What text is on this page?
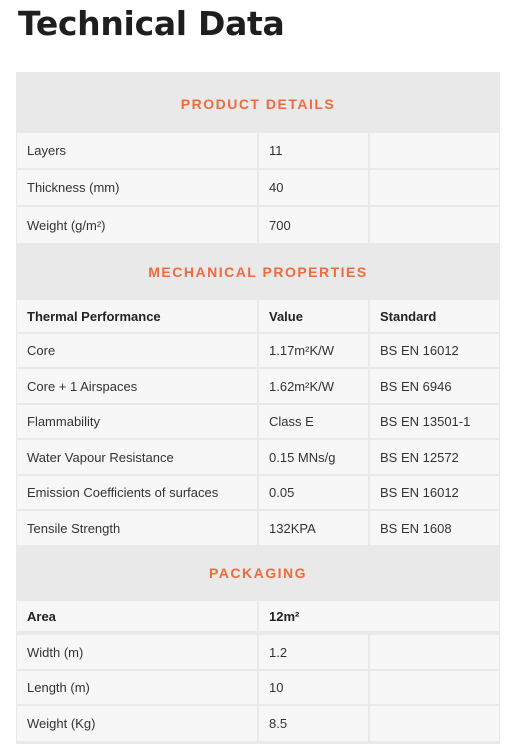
Technical Data
PRODUCT DETAILS
Layers	11
Thickness (mm)	40
Weight (g/m²)	700
MECHANICAL PROPERTIES
Thermal Performance	Value	Standard
Core	1.17m²K/W	BS EN 16012
Core + 1 Airspaces	1.62m²K/W	BS EN 6946
Flammability	Class E	BS EN 13501-1
Water Vapour Resistance	0.15 MNs/g	BS EN 12572
Emission Coefficients of surfaces	0.05	BS EN 16012
Tensile Strength	132KPA	BS EN 1608
PACKAGING
Area	12m²
Width (m)	1.2
Length (m)	10
Weight (Kg)	8.5
